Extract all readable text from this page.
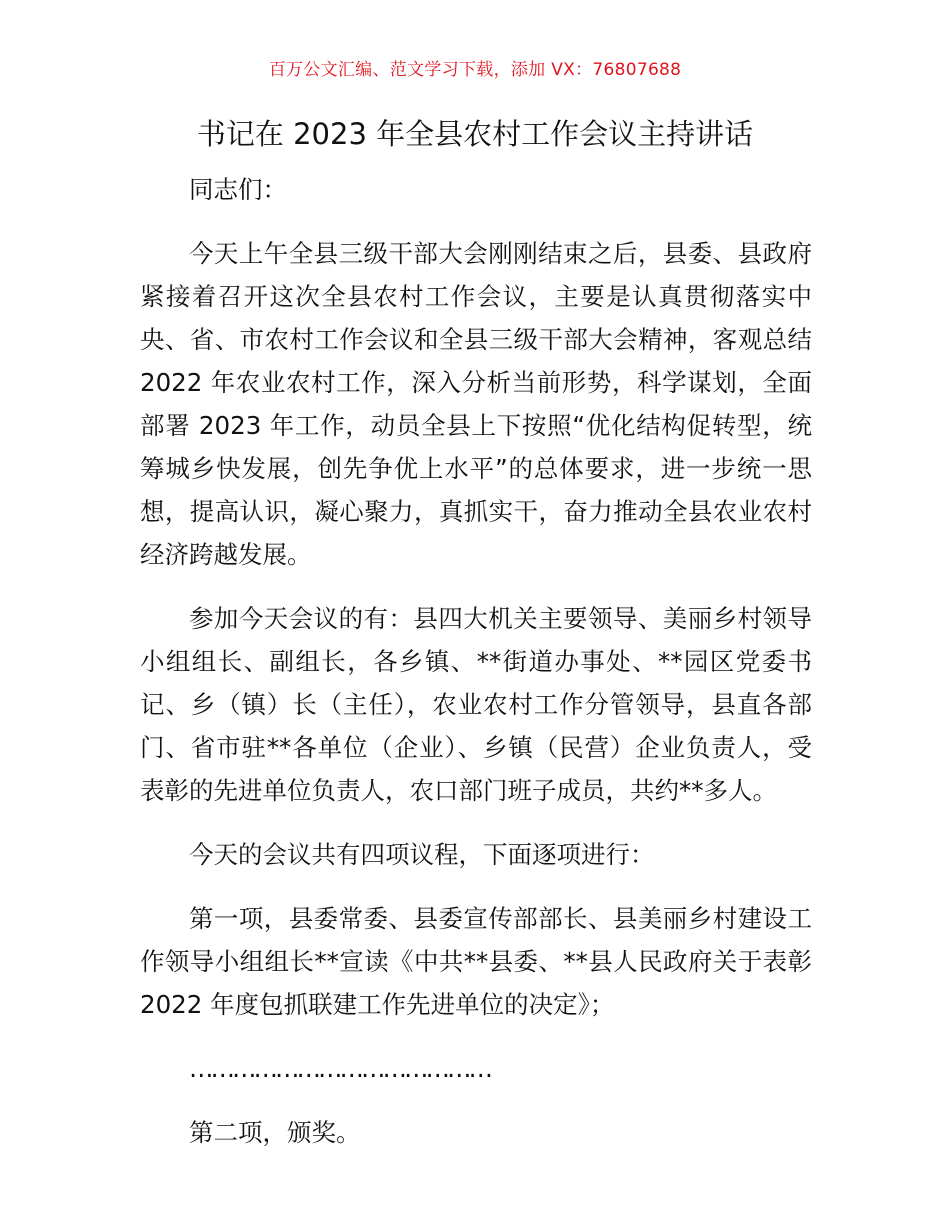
百万公文汇编、范文学习下载，添加 VX：76807688
书记在 2023 年全县农村工作会议主持讲话

同志们：

今天上午全县三级干部大会刚刚结束之后，县委、县政府紧接着召开这次全县农村工作会议，主要是认真贯彻落实中央、省、市农村工作会议和全县三级干部大会精神，客观总结 2022 年农业农村工作，深入分析当前形势，科学谋划，全面部署 2023 年工作，动员全县上下按照“优化结构促转型，统筹城乡快发展，创先争优上水平”的总体要求，进一步统一思想，提高认识，凝心聚力，真抓实干，奋力推动全县农业农村经济跨越发展。

参加今天会议的有：县四大机关主要领导、美丽乡村领导小组组长、副组长，各乡镇、**街道办事处、**园区党委书记、乡（镇）长（主任），农业农村工作分管领导，县直各部门、省市驻**各单位（企业）、乡镇（民营）企业负责人，受表彰的先进单位负责人，农口部门班子成员，共约**多人。

今天的会议共有四项议程，下面逐项进行：

第一项，县委常委、县委宣传部部长、县美丽乡村建设工作领导小组组长**宣读《中共**县委、**县人民政府关于表彰 2022 年度包抓联建工作先进单位的决定》；

……………………………………

第二项，颁奖。
